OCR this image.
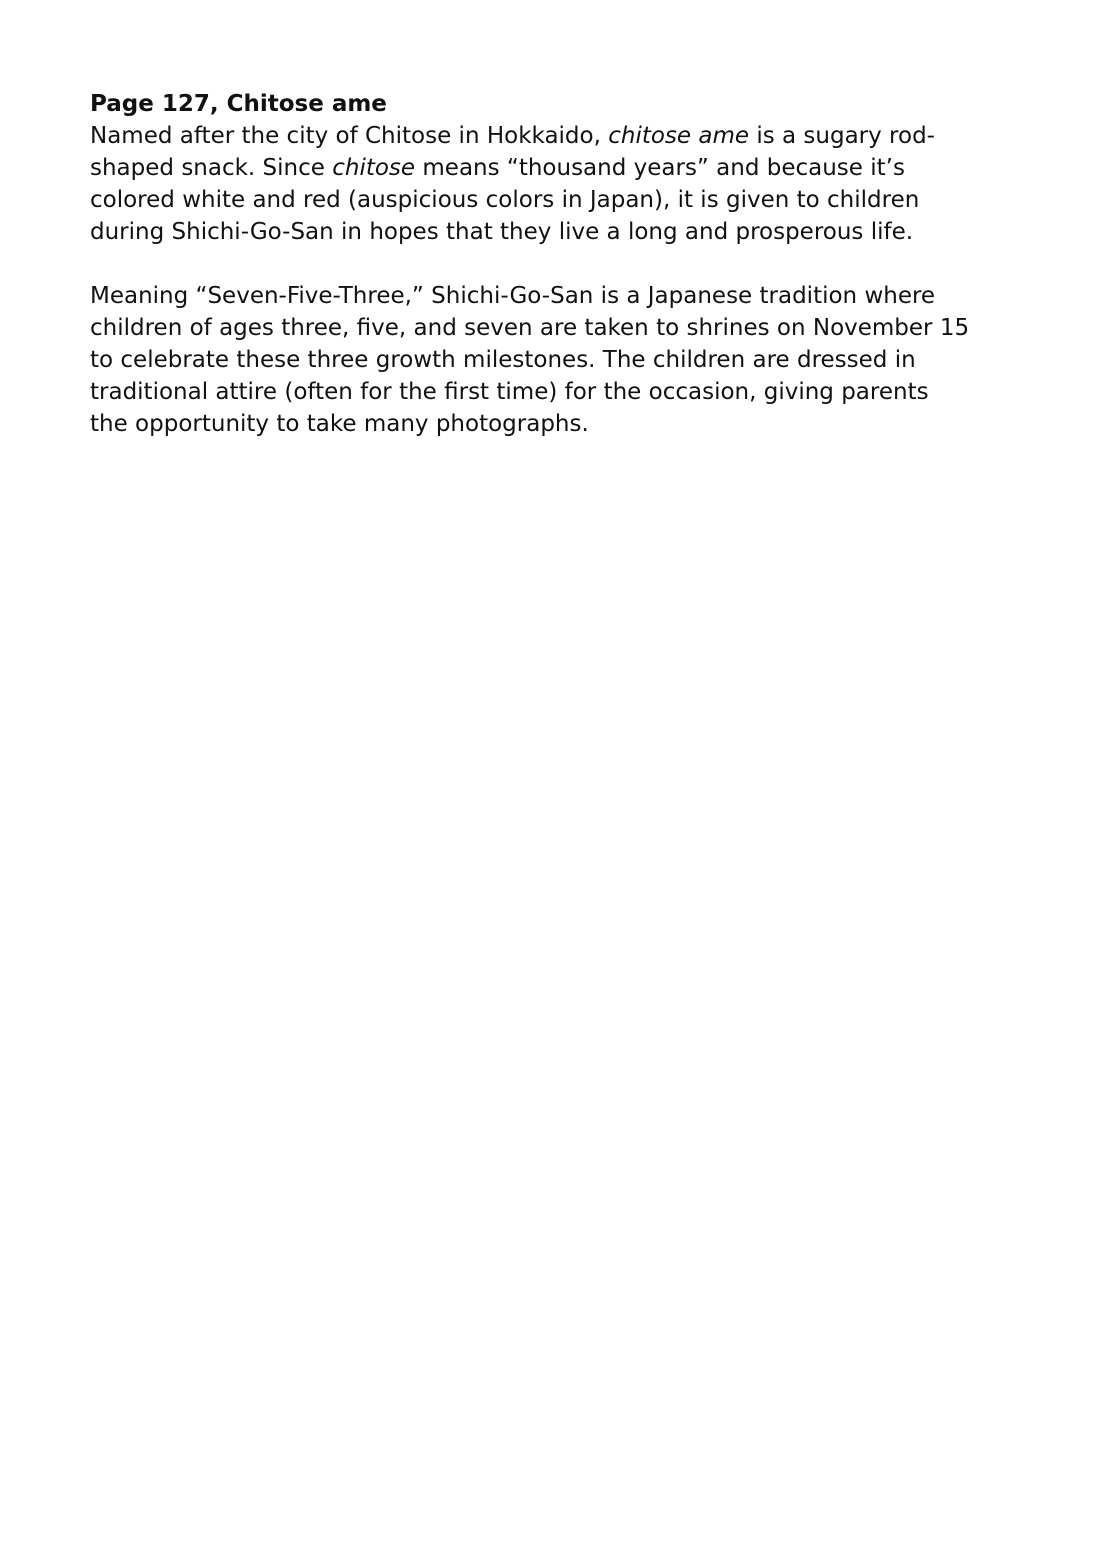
Page 127, Chitose ame

Named after the city of Chitose in Hokkaido, chitose ame is a sugary rod-
shaped snack. Since chitose means “thousand years” and because it’s
colored white and red (auspicious colors in Japan), it is given to children
during Shichi-Go-San in hopes that they live a long and prosperous life.

Meaning “Seven-Five-Three,” Shichi-Go-San is a Japanese tradition where
children of ages three, five, and seven are taken to shrines on November 15
to celebrate these three growth milestones. The children are dressed in
traditional attire (often for the first time) for the occasion, giving parents
the opportunity to take many photographs.
